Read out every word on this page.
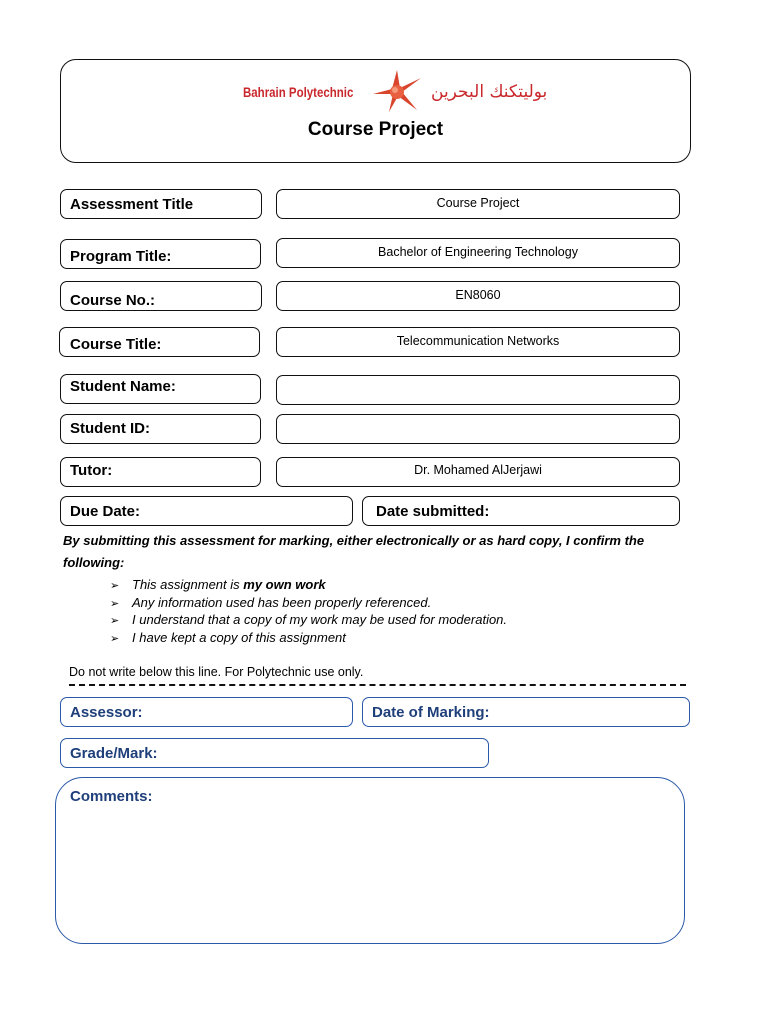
Bahrain Polytechnic	بوليتكنك البحرين
Course Project
Assessment Title	Course Project
Program Title:	Bachelor of Engineering Technology
Course No.:	EN8060
Course Title:	Telecommunication Networks
Student Name:
Student ID:
Tutor:	Dr. Mohamed AlJerjawi
Due Date:	Date submitted:
By submitting this assessment for marking, either electronically or as hard copy, I confirm the following:
➢ This assignment is my own work
➢ Any information used has been properly referenced.
➢ I understand that a copy of my work may be used for moderation.
➢ I have kept a copy of this assignment
Do not write below this line. For Polytechnic use only.
Assessor:	Date of Marking:
Grade/Mark:
Comments:
